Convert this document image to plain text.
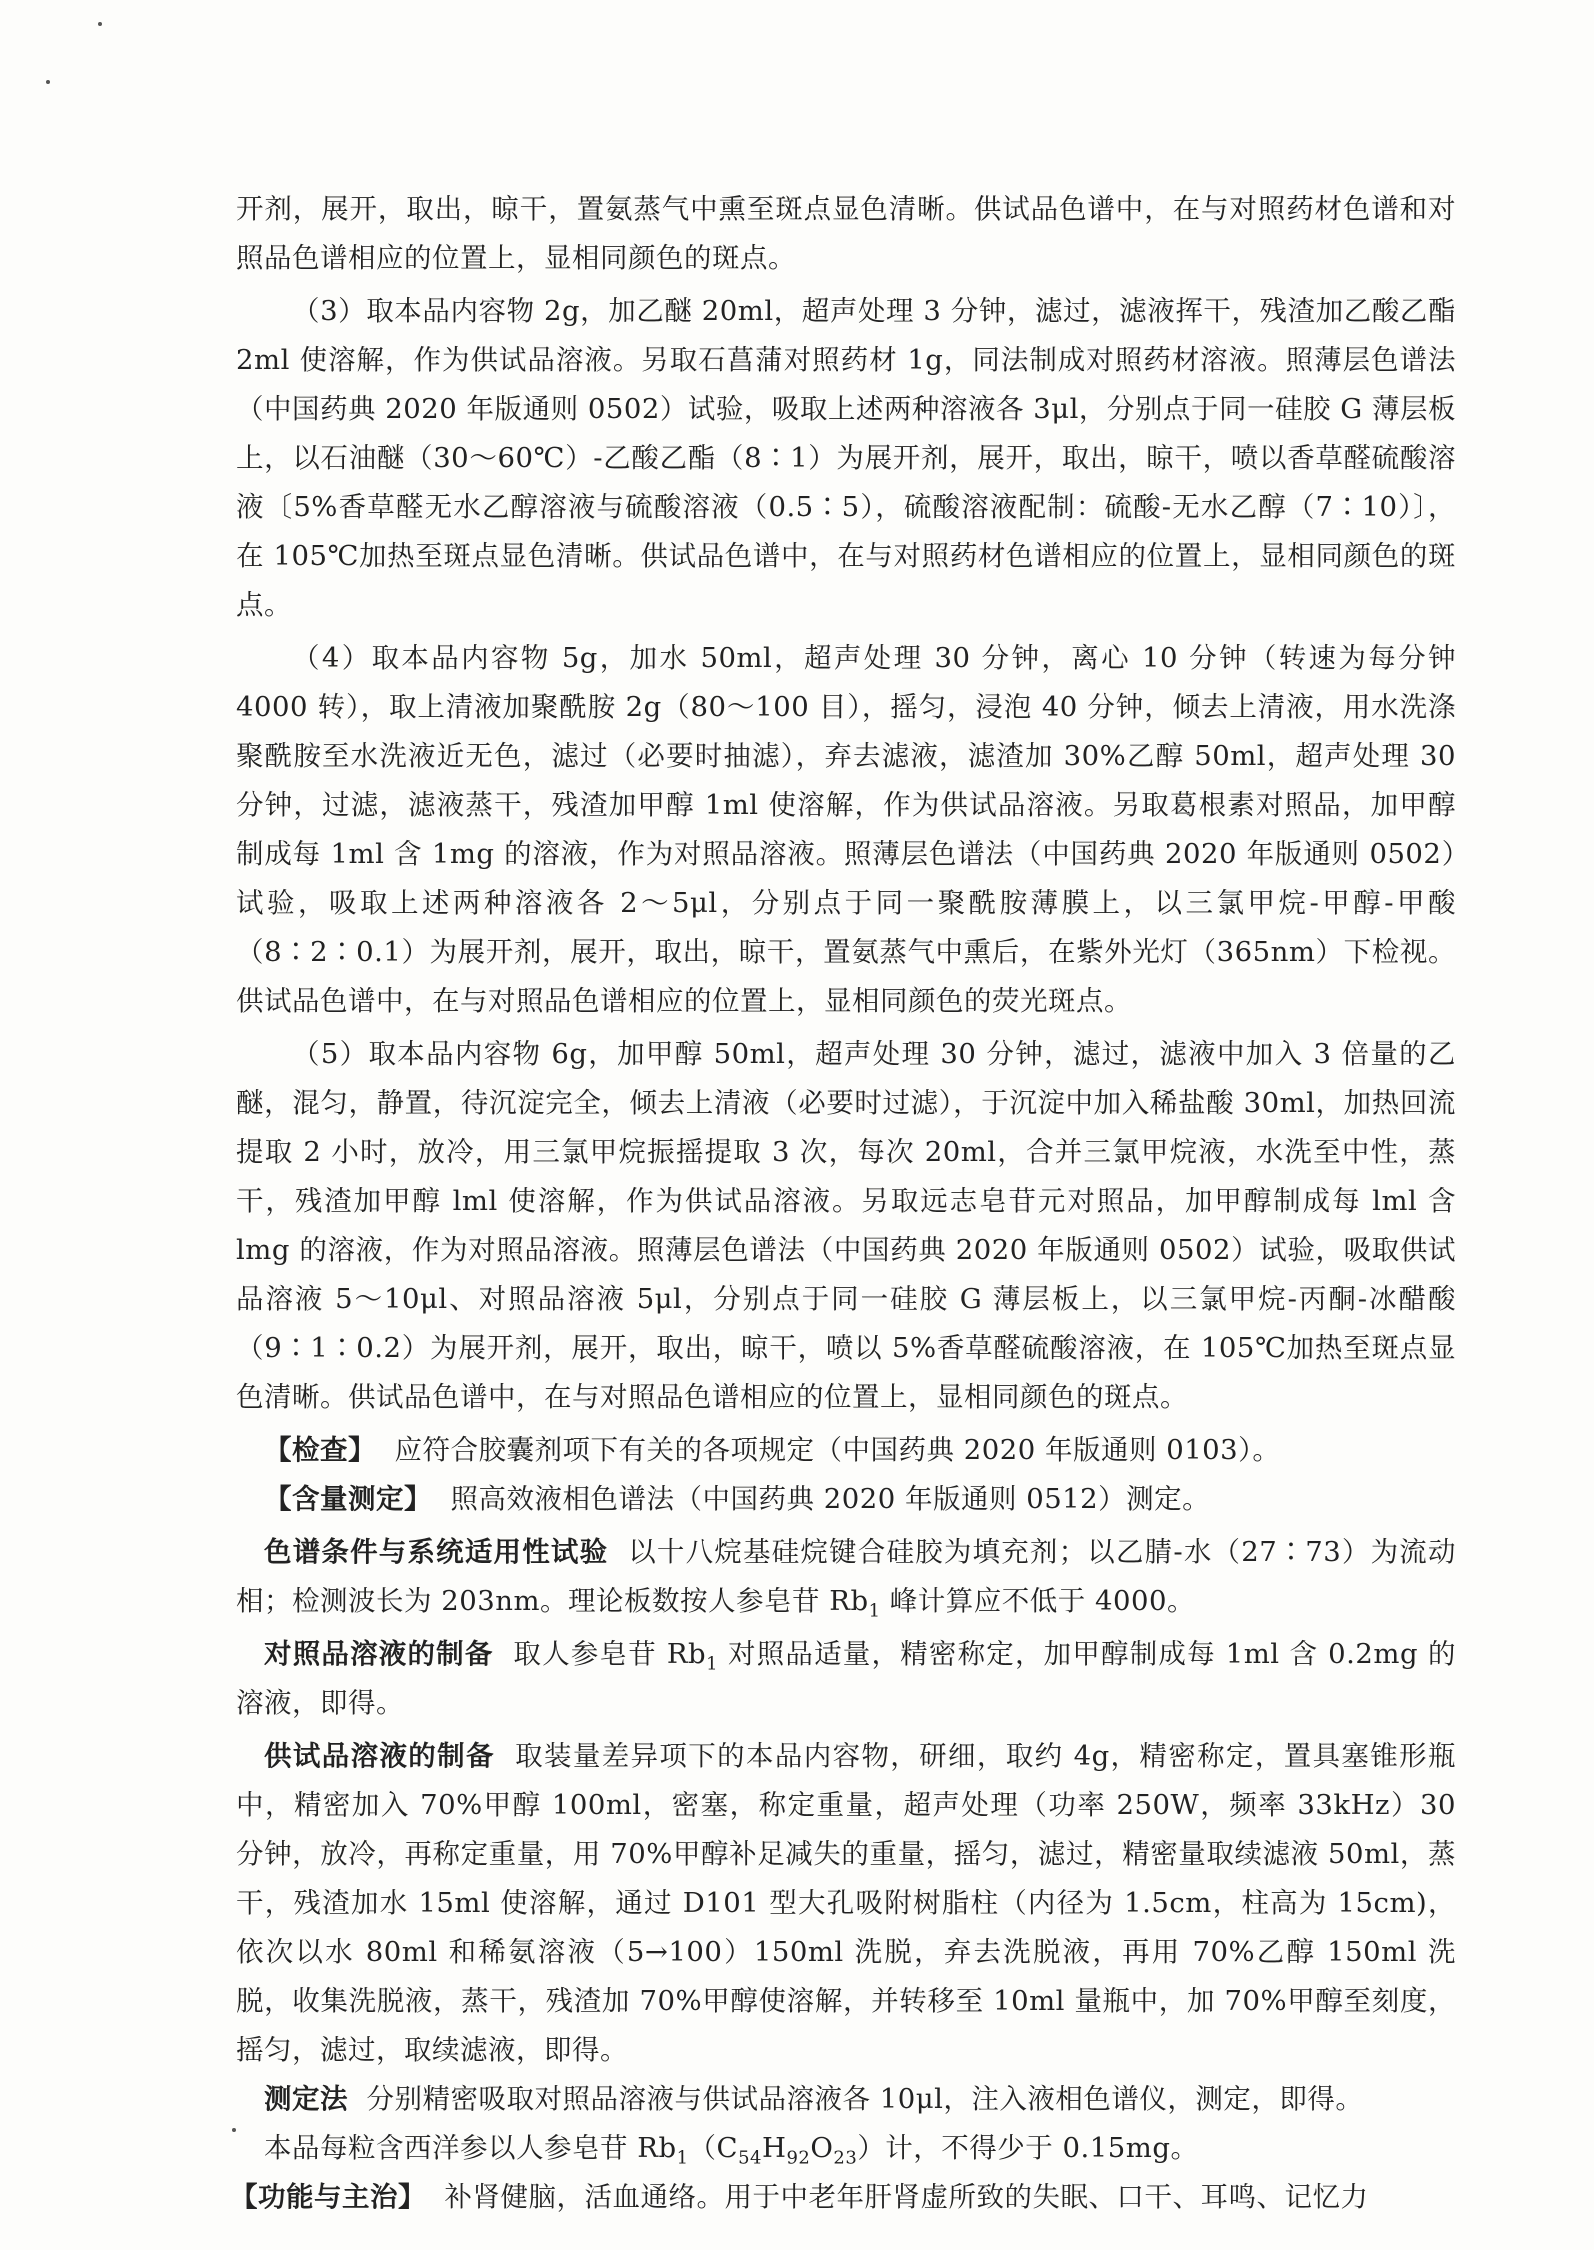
开剂，展开，取出，晾干，置氨蒸气中熏至斑点显色清晰。供试品色谱中，在与对照药材色谱和对照品色谱相应的位置上，显相同颜色的斑点。

（3）取本品内容物 2g，加乙醚 20ml，超声处理 3 分钟，滤过，滤液挥干，残渣加乙酸乙酯 2ml 使溶解，作为供试品溶液。另取石菖蒲对照药材 1g，同法制成对照药材溶液。照薄层色谱法（中国药典 2020 年版通则 0502）试验，吸取上述两种溶液各 3μl，分别点于同一硅胶 G 薄层板上，以石油醚（30～60℃）-乙酸乙酯（8∶1）为展开剂，展开，取出，晾干，喷以香草醛硫酸溶液〔5%香草醛无水乙醇溶液与硫酸溶液（0.5∶5），硫酸溶液配制：硫酸-无水乙醇（7∶10）〕，在 105℃加热至斑点显色清晰。供试品色谱中，在与对照药材色谱相应的位置上，显相同颜色的斑点。

（4）取本品内容物 5g，加水 50ml，超声处理 30 分钟，离心 10 分钟（转速为每分钟 4000 转），取上清液加聚酰胺 2g（80～100 目），摇匀，浸泡 40 分钟，倾去上清液，用水洗涤聚酰胺至水洗液近无色，滤过（必要时抽滤），弃去滤液，滤渣加 30%乙醇 50ml，超声处理 30 分钟，过滤，滤液蒸干，残渣加甲醇 1ml 使溶解，作为供试品溶液。另取葛根素对照品，加甲醇制成每 1ml 含 1mg 的溶液，作为对照品溶液。照薄层色谱法（中国药典 2020 年版通则 0502）试验，吸取上述两种溶液各 2～5μl，分别点于同一聚酰胺薄膜上，以三氯甲烷-甲醇-甲酸（8∶2∶0.1）为展开剂，展开，取出，晾干，置氨蒸气中熏后，在紫外光灯（365nm）下检视。供试品色谱中，在与对照品色谱相应的位置上，显相同颜色的荧光斑点。

（5）取本品内容物 6g，加甲醇 50ml，超声处理 30 分钟，滤过，滤液中加入 3 倍量的乙醚，混匀，静置，待沉淀完全，倾去上清液（必要时过滤），于沉淀中加入稀盐酸 30ml，加热回流提取 2 小时，放冷，用三氯甲烷振摇提取 3 次，每次 20ml，合并三氯甲烷液，水洗至中性，蒸干，残渣加甲醇 lml 使溶解，作为供试品溶液。另取远志皂苷元对照品，加甲醇制成每 lml 含 lmg 的溶液，作为对照品溶液。照薄层色谱法（中国药典 2020 年版通则 0502）试验，吸取供试品溶液 5～10μl、对照品溶液 5μl，分别点于同一硅胶 G 薄层板上，以三氯甲烷-丙酮-冰醋酸（9∶1∶0.2）为展开剂，展开，取出，晾干，喷以 5%香草醛硫酸溶液，在 105℃加热至斑点显色清晰。供试品色谱中，在与对照品色谱相应的位置上，显相同颜色的斑点。

【检查】 应符合胶囊剂项下有关的各项规定（中国药典 2020 年版通则 0103）。

【含量测定】 照高效液相色谱法（中国药典 2020 年版通则 0512）测定。

色谱条件与系统适用性试验 以十八烷基硅烷键合硅胶为填充剂；以乙腈-水（27∶73）为流动相；检测波长为 203nm。理论板数按人参皂苷 $Rb_1$ 峰计算应不低于 4000。

对照品溶液的制备 取人参皂苷 $Rb_1$ 对照品适量，精密称定，加甲醇制成每 1ml 含 0.2mg 的溶液，即得。

供试品溶液的制备 取装量差异项下的本品内容物，研细，取约 4g，精密称定，置具塞锥形瓶中，精密加入 70%甲醇 100ml，密塞，称定重量，超声处理（功率 250W，频率 33kHz）30 分钟，放冷，再称定重量，用 70%甲醇补足减失的重量，摇匀，滤过，精密量取续滤液 50ml，蒸干，残渣加水 15ml 使溶解，通过 D101 型大孔吸附树脂柱（内径为 1.5cm，柱高为 15cm)，依次以水 80ml 和稀氨溶液（5→100）150ml 洗脱，弃去洗脱液，再用 70%乙醇 150ml 洗脱，收集洗脱液，蒸干，残渣加 70%甲醇使溶解，并转移至 10ml 量瓶中，加 70%甲醇至刻度，摇匀，滤过，取续滤液，即得。

测定法 分别精密吸取对照品溶液与供试品溶液各 10μl，注入液相色谱仪，测定，即得。

本品每粒含西洋参以人参皂苷 $Rb_1(C_{54}H_{92}O_{23})$计，不得少于 0.15mg。

【功能与主治】 补肾健脑，活血通络。用于中老年肝肾虚所致的失眠、口干、耳鸣、记忆力
